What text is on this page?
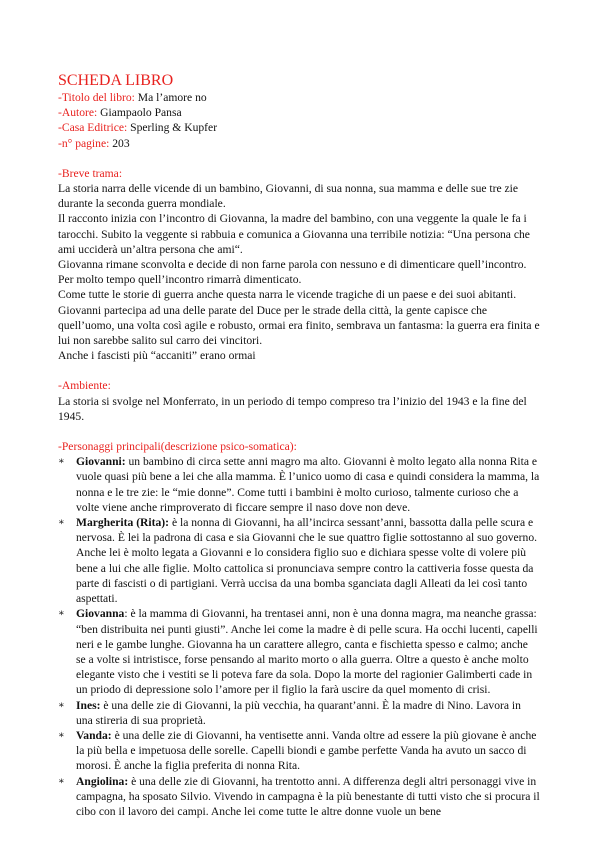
SCHEDA LIBRO

-Titolo del libro: Ma l’amore no

-Autore: Giampaolo Pansa

-Casa Editrice: Sperling & Kupfer

-n° pagine: 203

-Breve trama:

La storia narra delle vicende di un bambino, Giovanni, di sua nonna, sua mamma e delle sue tre zie durante la seconda guerra mondiale.

Il racconto inizia con l’incontro di Giovanna, la madre del bambino, con una veggente la quale le fa i tarocchi. Subito la veggente si rabbuia e comunica a Giovanna una terribile notizia: “Una persona che ami ucciderà un’altra persona che ami“.

Giovanna rimane sconvolta e decide di non farne parola con nessuno e di dimenticare quell’incontro. Per molto tempo quell’incontro rimarrà dimenticato.

Come tutte le storie di guerra anche questa narra le vicende tragiche di un paese e dei suoi abitanti. Giovanni partecipa ad una delle parate del Duce per le strade della città, la gente capisce che quell’uomo, una volta così agile e robusto, ormai era finito, sembrava un fantasma: la guerra era finita e lui non sarebbe salito sul carro dei vincitori.

Anche i fascisti più “accaniti” erano ormai

-Ambiente:

La storia si svolge nel Monferrato, in un periodo di tempo compreso tra l’inizio del 1943 e la fine del 1945.

-Personaggi principali(descrizione psico-somatica):

∗ Giovanni: un bambino di circa sette anni magro ma alto. Giovanni è molto legato alla nonna Rita e vuole quasi più bene a lei che alla mamma. È l’unico uomo di casa e quindi considera la mamma, la nonna e le tre zie: le “mie donne”. Come tutti i bambini è molto curioso, talmente curioso che a volte viene anche rimproverato di ficcare sempre il naso dove non deve.
∗ Margherita (Rita): è la nonna di Giovanni, ha all’incirca sessant’anni, bassotta dalla pelle scura e nervosa. È lei la padrona di casa e sia Giovanni che le sue quattro figlie sottostanno al suo governo. Anche lei è molto legata a Giovanni e lo considera figlio suo e dichiara spesse volte di volere più bene a lui che alle figlie. Molto cattolica si pronunciava sempre contro la cattiveria fosse questa da parte di fascisti o di partigiani. Verrà uccisa da una bomba sganciata dagli Alleati da lei così tanto aspettati.
∗ Giovanna: è la mamma di Giovanni, ha trentasei anni, non è una donna magra, ma neanche grassa: “ben distribuita nei punti giusti”. Anche lei come la madre è di pelle scura. Ha occhi lucenti, capelli neri e le gambe lunghe. Giovanna ha un carattere allegro, canta e fischietta spesso e calmo; anche se a volte si intristisce, forse pensando al marito morto o alla guerra. Oltre a questo è anche molto elegante visto che i vestiti se li poteva fare da sola. Dopo la morte del ragionier Galimberti cade in un priodo di depressione solo l’amore per il figlio la farà uscire da quel momento di crisi.
∗ Ines: è una delle zie di Giovanni, la più vecchia, ha quarant’anni. È la madre di Nino. Lavora in una stireria di sua proprietà.
∗ Vanda: è una delle zie di Giovanni, ha ventisette anni. Vanda oltre ad essere la più giovane è anche la più bella e impetuosa delle sorelle. Capelli biondi e gambe perfette Vanda ha avuto un sacco di morosi. È anche la figlia preferita di nonna Rita.
∗ Angiolina: è una delle zie di Giovanni, ha trentotto anni. A differenza degli altri personaggi vive in campagna, ha sposato Silvio. Vivendo in campagna è la più benestante di tutti visto che si procura il cibo con il lavoro dei campi. Anche lei come tutte le altre donne vuole un bene
